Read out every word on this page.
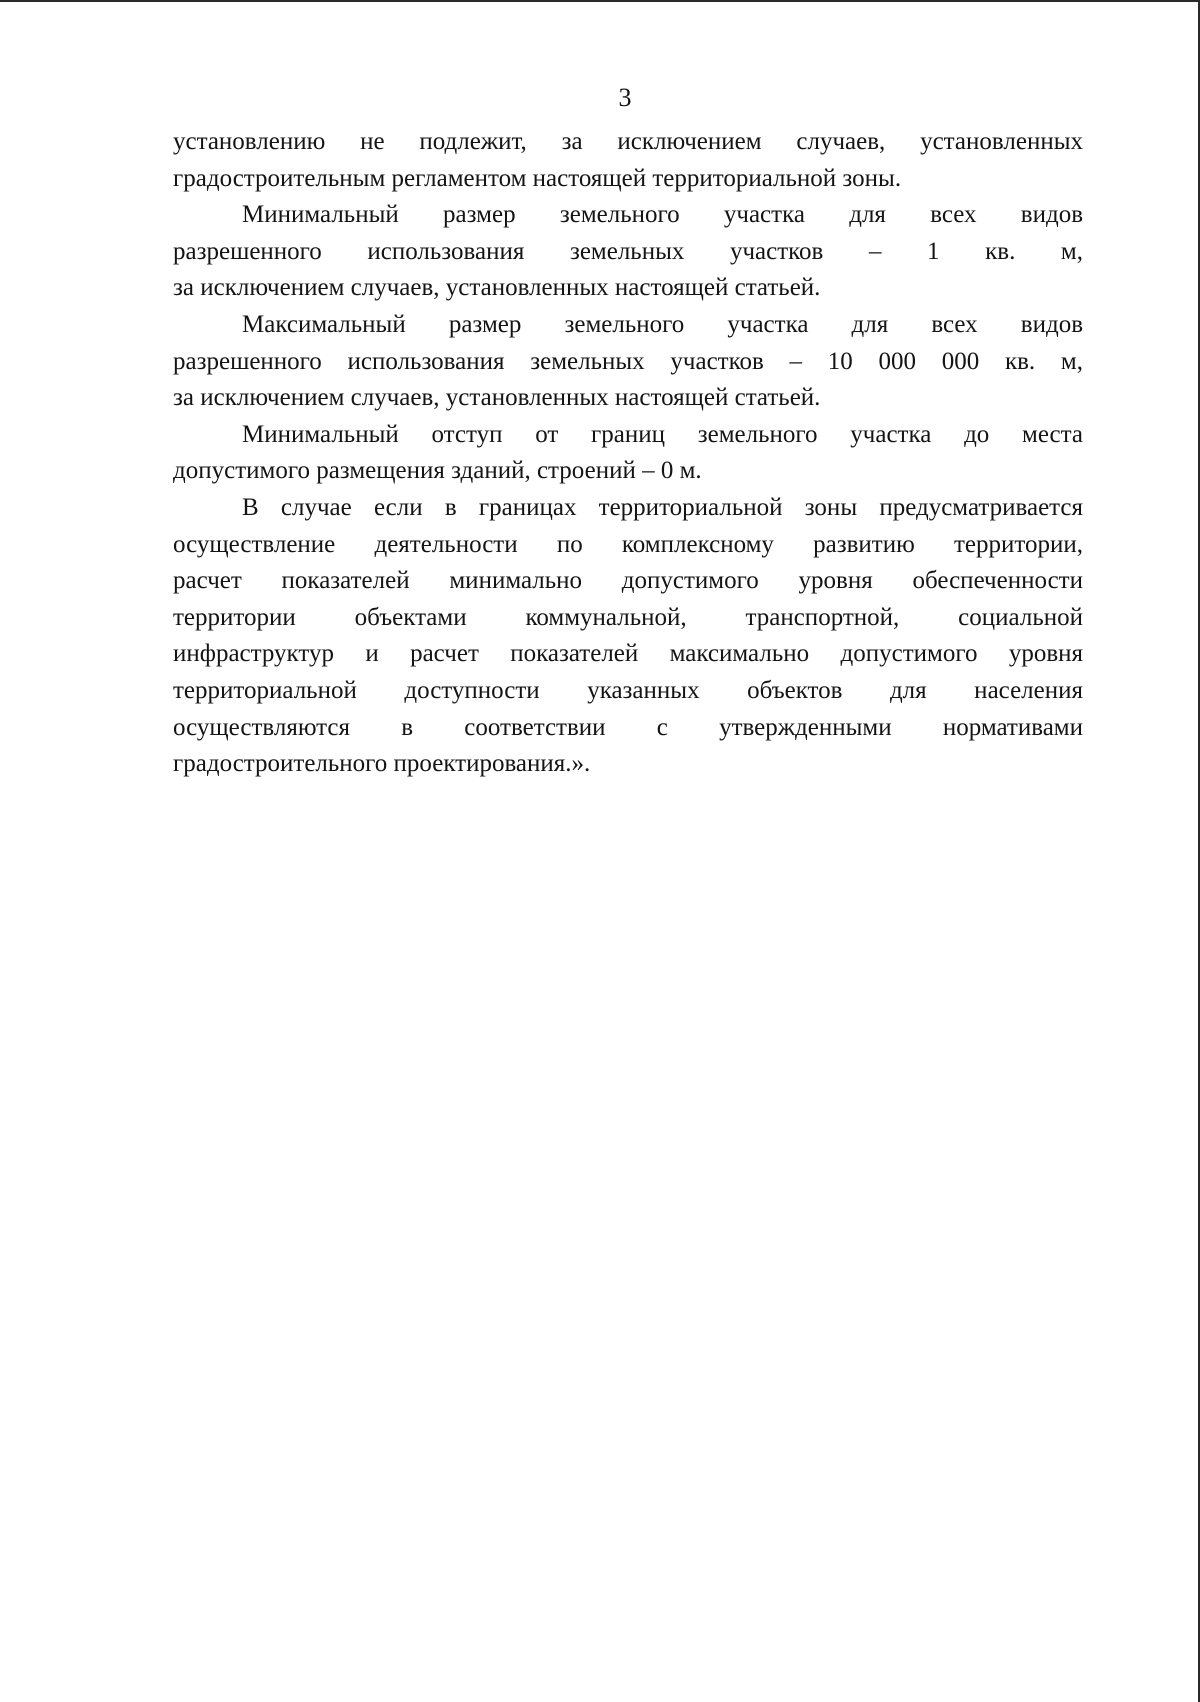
3

установлению не подлежит, за исключением случаев, установленных
градостроительным регламентом настоящей территориальной зоны.

Минимальный размер земельного участка для всех видов
разрешенного использования земельных участков – 1 кв. м,
за исключением случаев, установленных настоящей статьей.

Максимальный размер земельного участка для всех видов
разрешенного использования земельных участков – 10 000 000 кв. м,
за исключением случаев, установленных настоящей статьей.

Минимальный отступ от границ земельного участка до места
допустимого размещения зданий, строений – 0 м.

В случае если в границах территориальной зоны предусматривается
осуществление деятельности по комплексному развитию территории,
расчет показателей минимально допустимого уровня обеспеченности
территории объектами коммунальной, транспортной, социальной
инфраструктур и расчет показателей максимально допустимого уровня
территориальной доступности указанных объектов для населения
осуществляются в соответствии с утвержденными нормативами
градостроительного проектирования.».
